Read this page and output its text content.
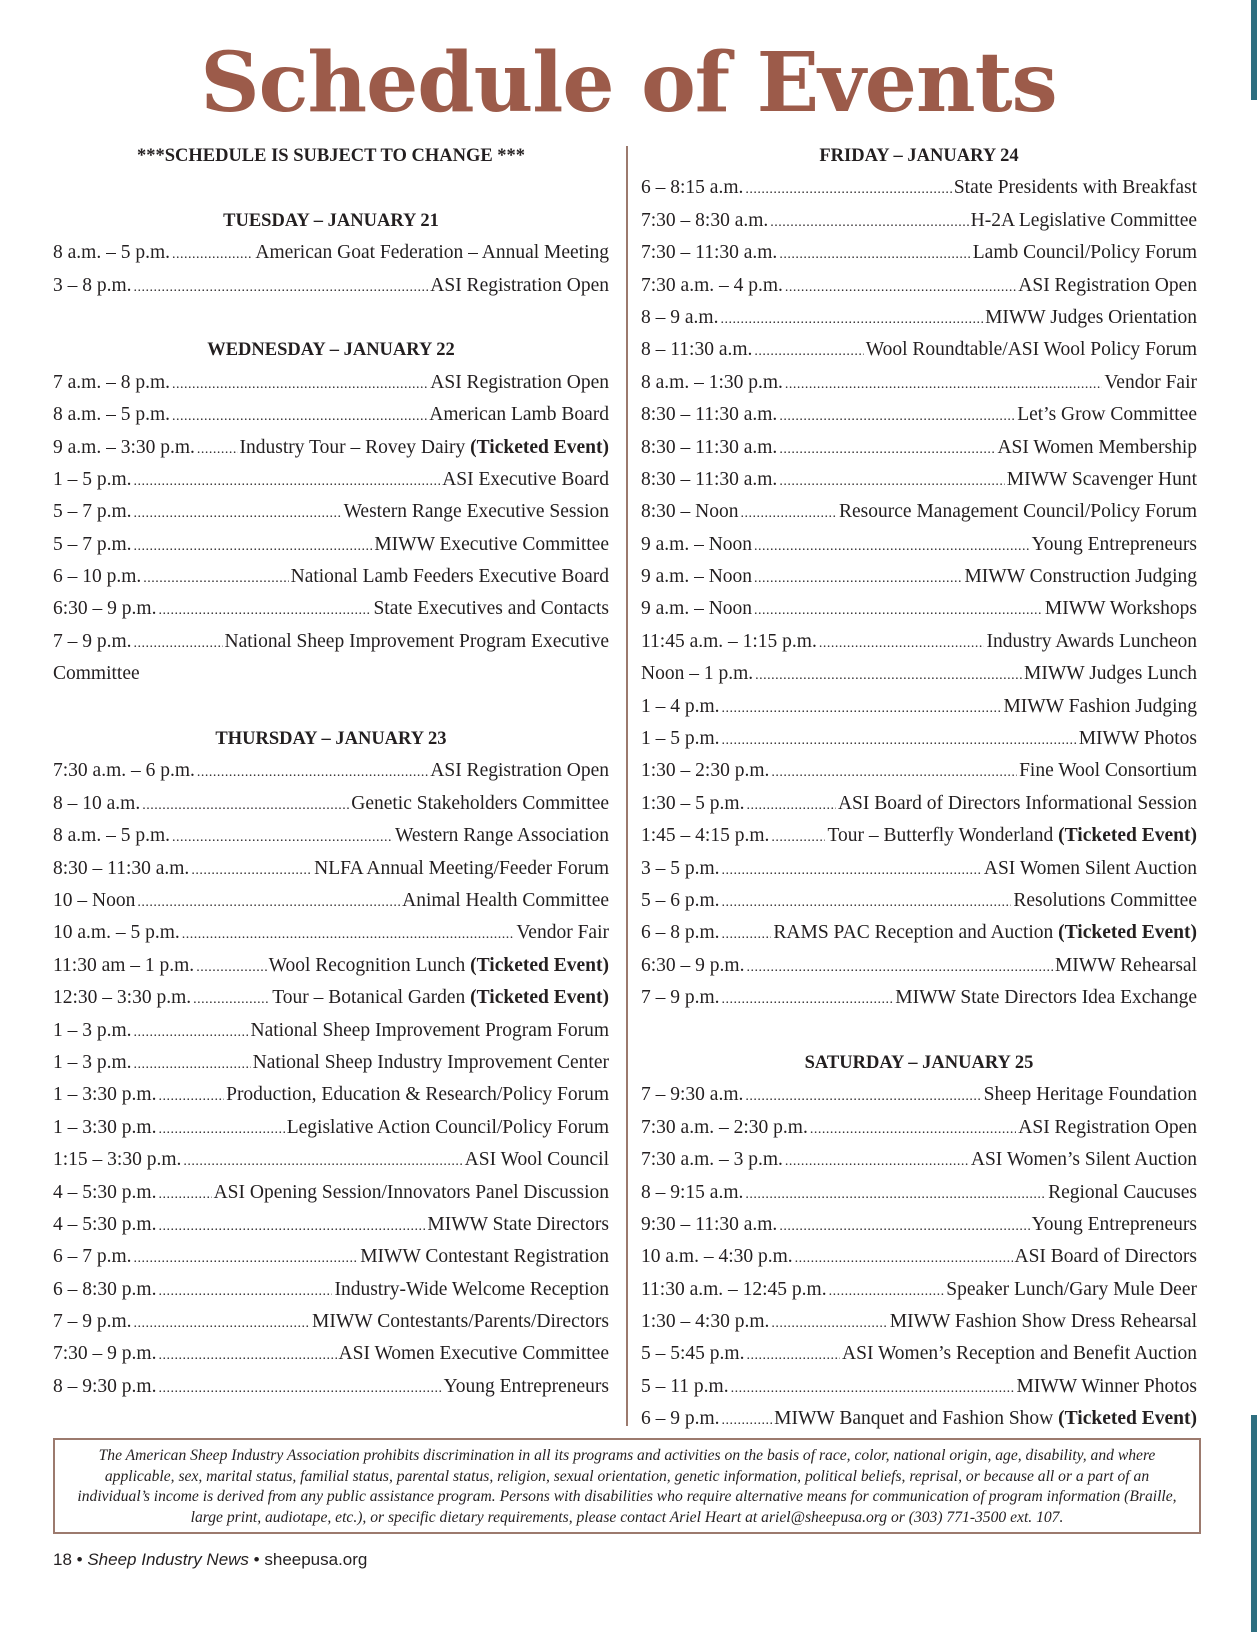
Schedule of Events
***SCHEDULE IS SUBJECT TO CHANGE ***
TUESDAY – JANUARY 21
8 a.m. – 5 p.m. .....	American Goat Federation – Annual Meeting
3 – 8 p.m. .....	ASI Registration Open
WEDNESDAY – JANUARY 22
7 a.m. – 8 p.m. .....	ASI Registration Open
8 a.m. – 5 p.m. .....	American Lamb Board
9 a.m. – 3:30 p.m. ..... Industry Tour – Rovey Dairy (Ticketed Event)
1 – 5 p.m. .....	ASI Executive Board
5 – 7 p.m. .....	Western Range Executive Session
5 – 7 p.m. .....	MIWW Executive Committee
6 – 10 p.m. .....	National Lamb Feeders Executive Board
6:30 – 9 p.m. .....	State Executives and Contacts
7 – 9 p.m. .....	National Sheep Improvement Program Executive
Committee
THURSDAY – JANUARY 23
7:30 a.m. – 6 p.m. .....	ASI Registration Open
8 – 10 a.m. .....	Genetic Stakeholders Committee
8 a.m. – 5 p.m. .....	Western Range Association
8:30 – 11:30 a.m. .....	NLFA Annual Meeting/Feeder Forum
10 – Noon .....	Animal Health Committee
10 a.m. – 5 p.m. .....	Vendor Fair
11:30 am – 1 p.m. .....	Wool Recognition Lunch (Ticketed Event)
12:30 – 3:30 p.m. .....	Tour – Botanical Garden (Ticketed Event)
1 – 3 p.m. .....	National Sheep Improvement Program Forum
1 – 3 p.m. .....	National Sheep Industry Improvement Center
1 – 3:30 p.m. .....	Production, Education & Research/Policy Forum
1 – 3:30 p.m. .....	Legislative Action Council/Policy Forum
1:15 – 3:30 p.m. .....	ASI Wool Council
4 – 5:30 p.m. .....	ASI Opening Session/Innovators Panel Discussion
4 – 5:30 p.m. .....	MIWW State Directors
6 – 7 p.m. .....	MIWW Contestant Registration
6 – 8:30 p.m. .....	Industry-Wide Welcome Reception
7 – 9 p.m. .....	MIWW Contestants/Parents/Directors
7:30 – 9 p.m. .....	ASI Women Executive Committee
8 – 9:30 p.m. .....	Young Entrepreneurs
FRIDAY – JANUARY 24
6 – 8:15 a.m. .....	State Presidents with Breakfast
7:30 – 8:30 a.m. .....	H-2A Legislative Committee
7:30 – 11:30 a.m. .....	Lamb Council/Policy Forum
7:30 a.m. – 4 p.m. .....	ASI Registration Open
8 – 9 a.m. .....	MIWW Judges Orientation
8 – 11:30 a.m. .....	Wool Roundtable/ASI Wool Policy Forum
8 a.m. – 1:30 p.m. .....	Vendor Fair
8:30 – 11:30 a.m. .....	Let’s Grow Committee
8:30 – 11:30 a.m. .....	ASI Women Membership
8:30 – 11:30 a.m. .....	MIWW Scavenger Hunt
8:30 – Noon .....	Resource Management Council/Policy Forum
9 a.m. – Noon .....	Young Entrepreneurs
9 a.m. – Noon .....	MIWW Construction Judging
9 a.m. – Noon .....	MIWW Workshops
11:45 a.m. – 1:15 p.m. .....	Industry Awards Luncheon
Noon – 1 p.m. .....	MIWW Judges Lunch
1 – 4 p.m. .....	MIWW Fashion Judging
1 – 5 p.m. .....	MIWW Photos
1:30 – 2:30 p.m. .....	Fine Wool Consortium
1:30 – 5 p.m. .....	ASI Board of Directors Informational Session
1:45 – 4:15 p.m. .....	Tour – Butterfly Wonderland (Ticketed Event)
3 – 5 p.m. .....	ASI Women Silent Auction
5 – 6 p.m. .....	Resolutions Committee
6 – 8 p.m. .....	RAMS PAC Reception and Auction (Ticketed Event)
6:30 – 9 p.m. .....	MIWW Rehearsal
7 – 9 p.m. .....	MIWW State Directors Idea Exchange
SATURDAY – JANUARY 25
7 – 9:30 a.m. .....	Sheep Heritage Foundation
7:30 a.m. – 2:30 p.m. .....	ASI Registration Open
7:30 a.m. – 3 p.m. .....	ASI Women’s Silent Auction
8 – 9:15 a.m. .....	Regional Caucuses
9:30 – 11:30 a.m. .....	Young Entrepreneurs
10 a.m. – 4:30 p.m. .....	ASI Board of Directors
11:30 a.m. – 12:45 p.m. .....	Speaker Lunch/Gary Mule Deer
1:30 – 4:30 p.m. .....	MIWW Fashion Show Dress Rehearsal
5 – 5:45 p.m. .....	ASI Women’s Reception and Benefit Auction
5 – 11 p.m. .....	MIWW Winner Photos
6 – 9 p.m. .....	MIWW Banquet and Fashion Show (Ticketed Event)
The American Sheep Industry Association prohibits discrimination in all its programs and activities on the basis of race, color, national origin, age, disability, and where applicable, sex, marital status, familial status, parental status, religion, sexual orientation, genetic information, political beliefs, reprisal, or because all or a part of an individual’s income is derived from any public assistance program. Persons with disabilities who require alternative means for communication of program information (Braille, large print, audiotape, etc.), or specific dietary requirements, please contact Ariel Heart at ariel@sheepusa.org or (303) 771-3500 ext. 107.
18 • Sheep Industry News • sheepusa.org
